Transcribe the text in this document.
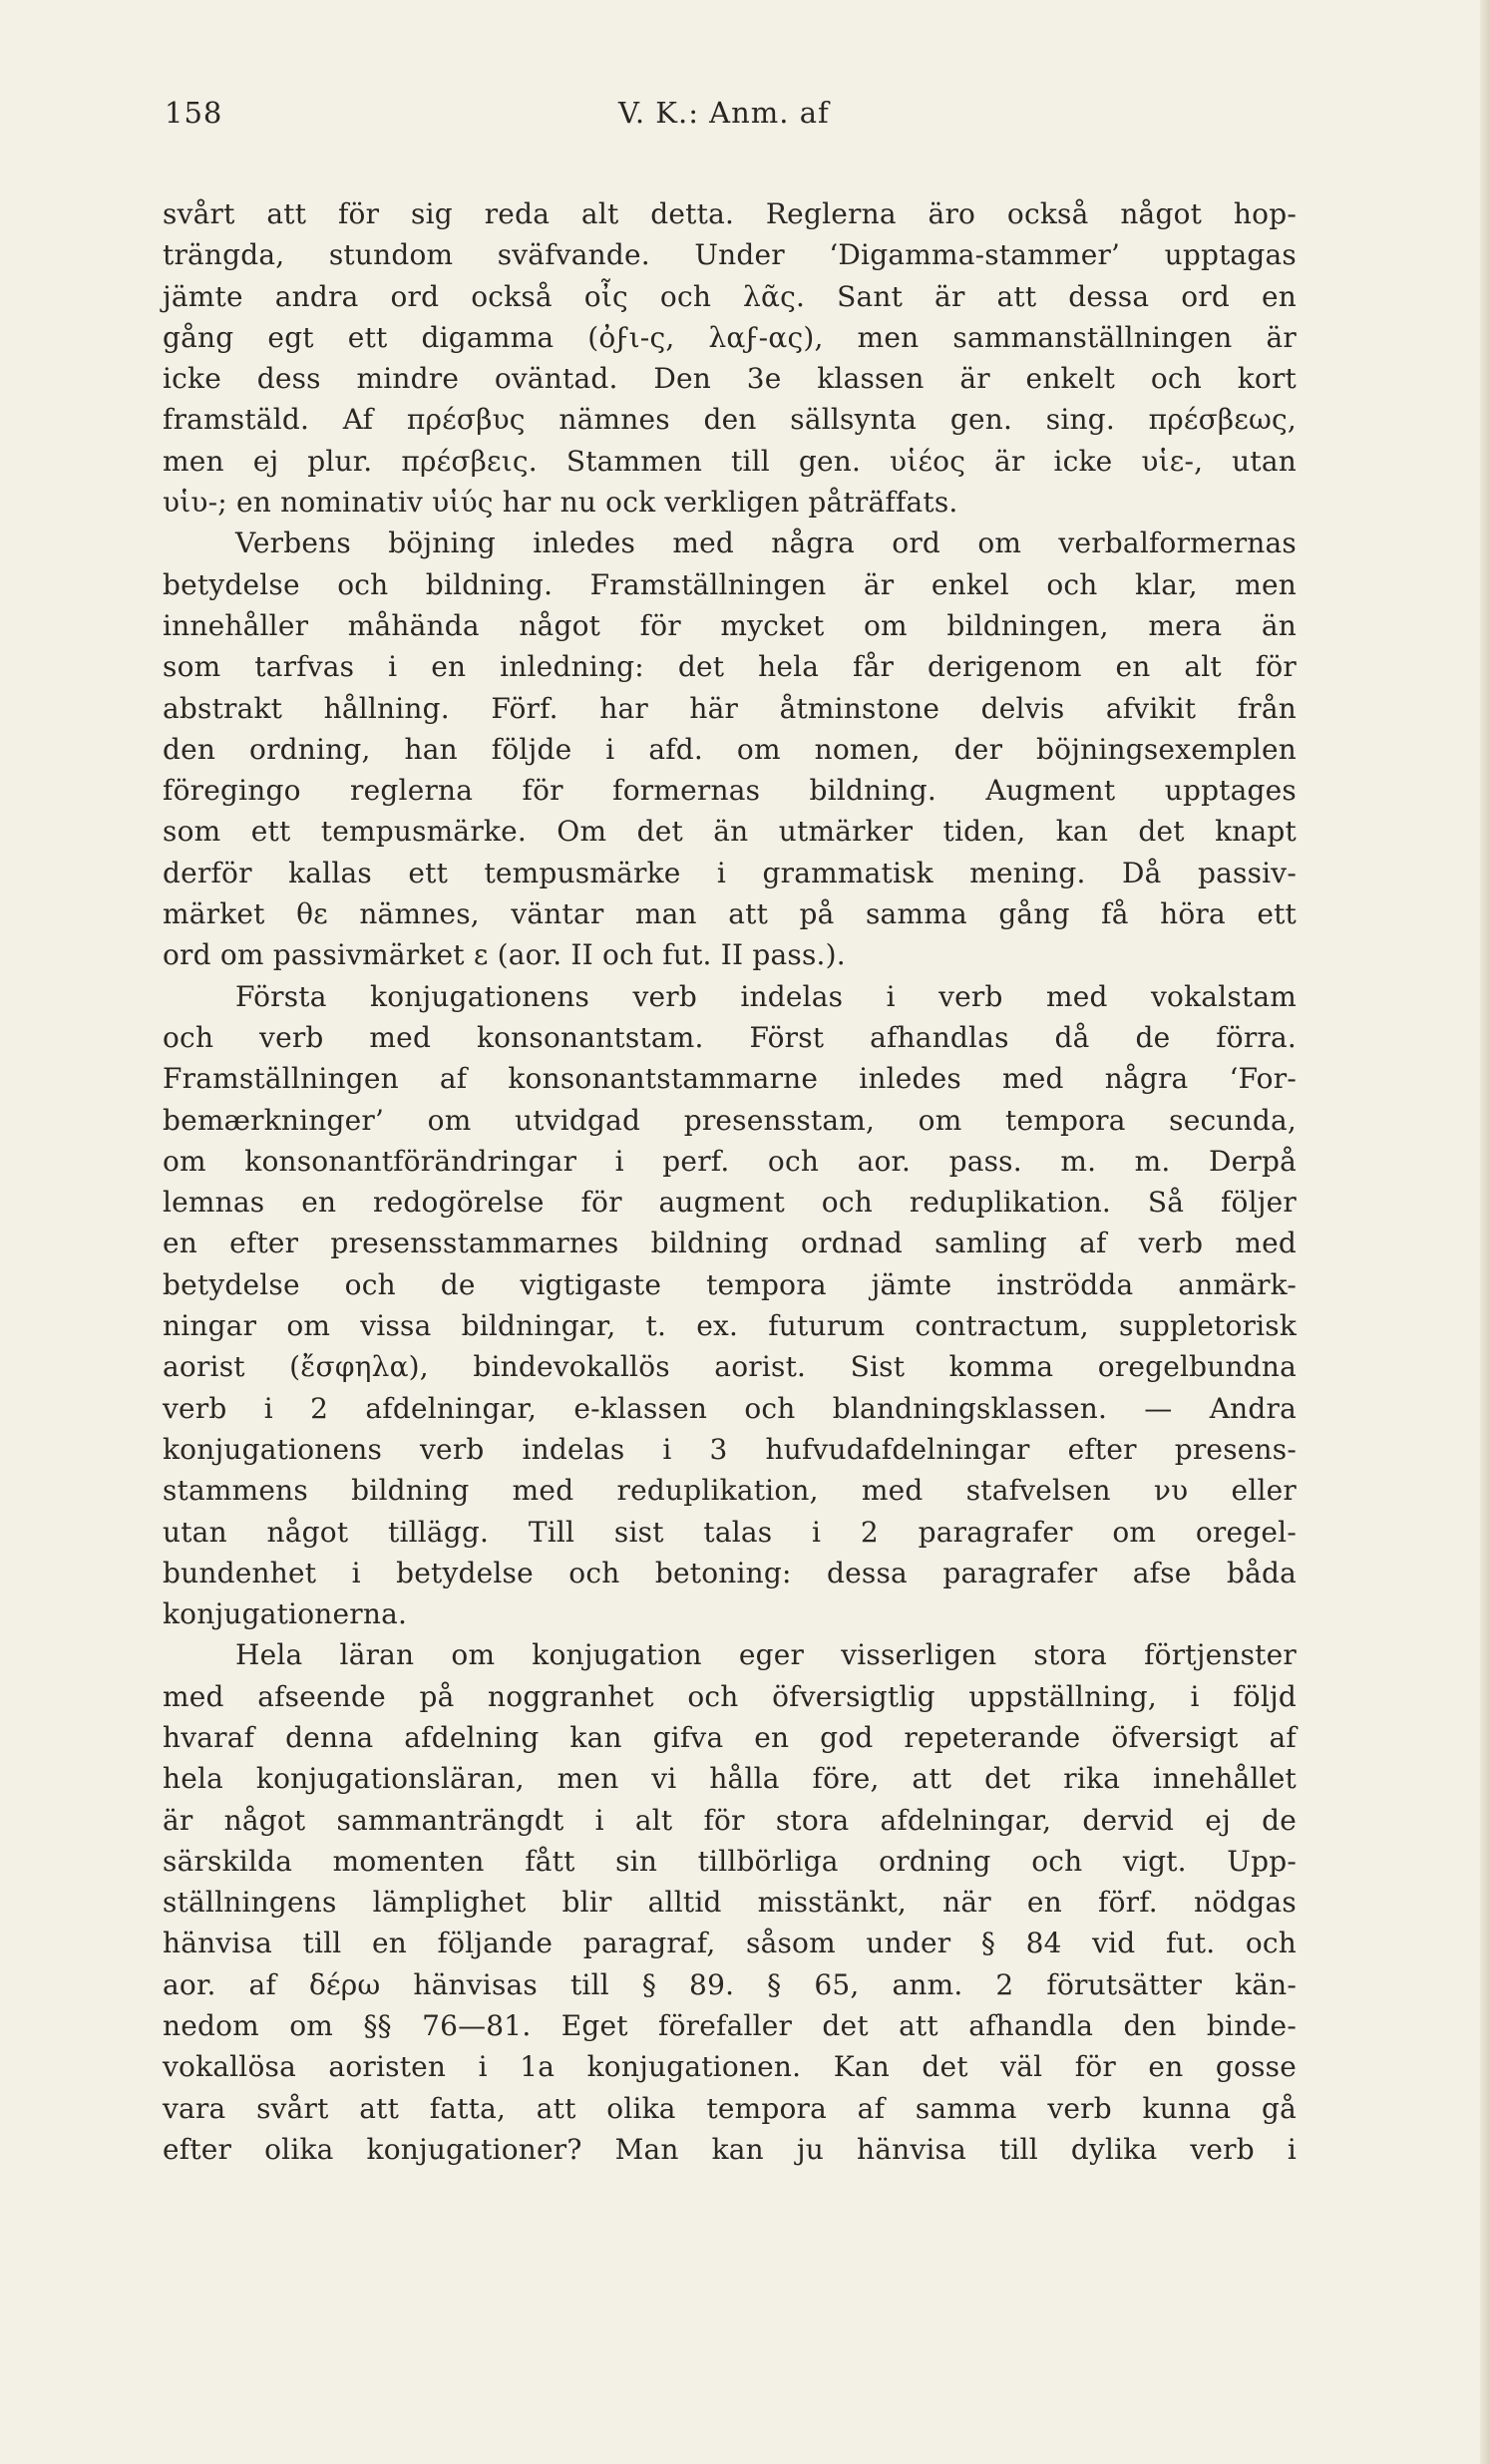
158	V. K.: Anm. af
svårt att för sig reda alt detta. Reglerna äro också något hop-
trängda, stundom sväfvande. Under ‘Digamma-stammer’ upptagas
jämte andra ord också οἶς och λᾶς. Sant är att dessa ord en
gång egt ett digamma (ὀϝι-ς, λαϝ-ας), men sammanställningen är
icke dess mindre oväntad. Den 3e klassen är enkelt och kort
framstäld. Af πρέσβυς nämnes den sällsynta gen. sing. πρέσβεως,
men ej plur. πρέσβεις. Stammen till gen. υἱέος är icke υἱε-, utan
υἱυ-; en nominativ υἱύς har nu ock verkligen påträffats.
Verbens böjning inledes med några ord om verbalformernas
betydelse och bildning. Framställningen är enkel och klar, men
innehåller måhända något för mycket om bildningen, mera än
som tarfvas i en inledning: det hela får derigenom en alt för
abstrakt hållning. Förf. har här åtminstone delvis afvikit från
den ordning, han följde i afd. om nomen, der böjningsexemplen
föregingo reglerna för formernas bildning. Augment upptages
som ett tempusmärke. Om det än utmärker tiden, kan det knapt
derför kallas ett tempusmärke i grammatisk mening. Då passiv-
märket θε nämnes, väntar man att på samma gång få höra ett
ord om passivmärket ε (aor. II och fut. II pass.).
Första konjugationens verb indelas i verb med vokalstam
och verb med konsonantstam. Först afhandlas då de förra.
Framställningen af konsonantstammarne inledes med några ‘For-
bemærkninger’ om utvidgad presensstam, om tempora secunda,
om konsonantförändringar i perf. och aor. pass. m. m. Derpå
lemnas en redogörelse för augment och reduplikation. Så följer
en efter presensstammarnes bildning ordnad samling af verb med
betydelse och de vigtigaste tempora jämte inströdda anmärk-
ningar om vissa bildningar, t. ex. futurum contractum, suppletorisk
aorist (ἔσφηλα), bindevokallös aorist. Sist komma oregelbundna
verb i 2 afdelningar, e-klassen och blandningsklassen. — Andra
konjugationens verb indelas i 3 hufvudafdelningar efter presens-
stammens bildning med reduplikation, med stafvelsen νυ eller
utan något tillägg. Till sist talas i 2 paragrafer om oregel-
bundenhet i betydelse och betoning: dessa paragrafer afse båda
konjugationerna.
Hela läran om konjugation eger visserligen stora förtjenster
med afseende på noggranhet och öfversigtlig uppställning, i följd
hvaraf denna afdelning kan gifva en god repeterande öfversigt af
hela konjugationsläran, men vi hålla före, att det rika innehållet
är något sammanträngdt i alt för stora afdelningar, dervid ej de
särskilda momenten fått sin tillbörliga ordning och vigt. Upp-
ställningens lämplighet blir alltid misstänkt, när en förf. nödgas
hänvisa till en följande paragraf, såsom under § 84 vid fut. och
aor. af δέρω hänvisas till § 89. § 65, anm. 2 förutsätter kän-
nedom om §§ 76—81. Eget förefaller det att afhandla den binde-
vokallösa aoristen i 1a konjugationen. Kan det väl för en gosse
vara svårt att fatta, att olika tempora af samma verb kunna gå
efter olika konjugationer? Man kan ju hänvisa till dylika verb i
